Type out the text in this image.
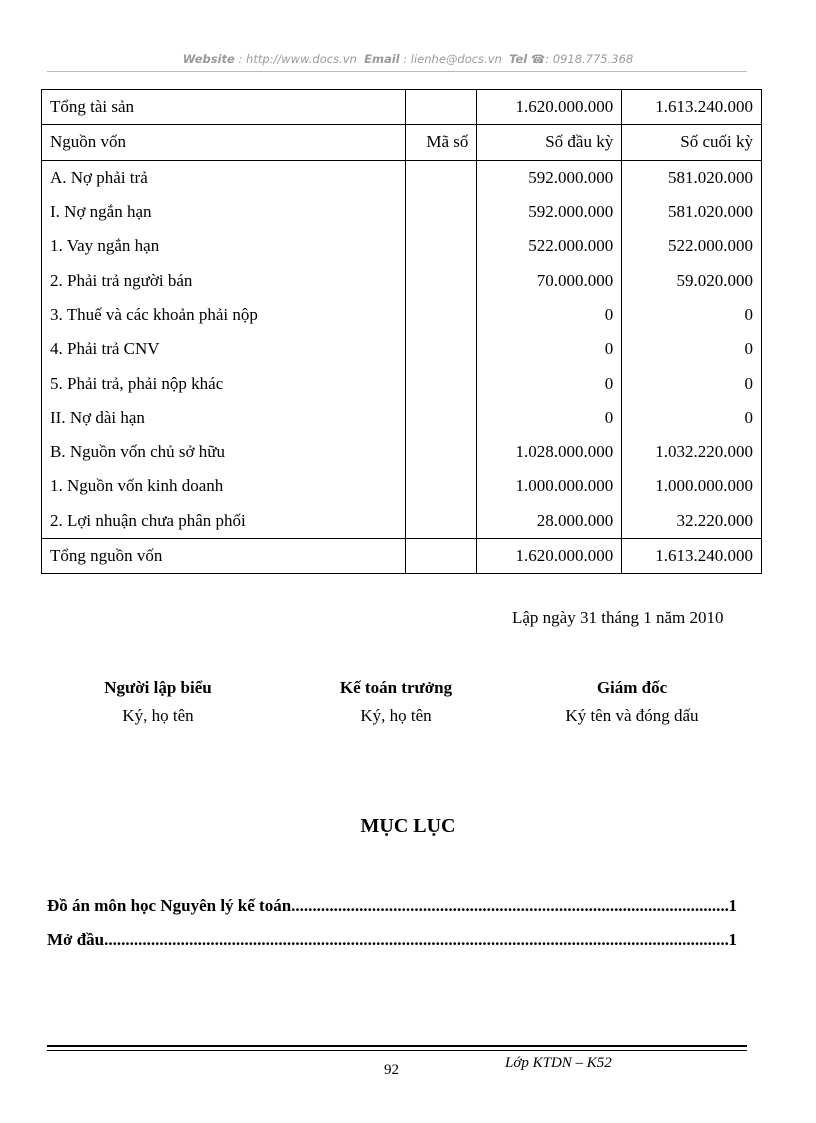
Website : http://www.docs.vn Email : lienhe@docs.vn Tel ☎: 0918.775.368
Tổng tài sản		1.620.000.000	1.613.240.000
Nguồn vốn	Mã số	Số đầu kỳ	Số cuối kỳ
A. Nợ phải trả		592.000.000	581.020.000
I. Nợ ngắn hạn		592.000.000	581.020.000
1. Vay ngắn hạn		522.000.000	522.000.000
2. Phải trả người bán		70.000.000	59.020.000
3. Thuế và các khoản phải nộp		0	0
4. Phải trả CNV		0	0
5. Phải trả, phải nộp khác		0	0
II. Nợ dài hạn		0	0
B. Nguồn vốn chủ sở hữu		1.028.000.000	1.032.220.000
1. Nguồn vốn kinh doanh		1.000.000.000	1.000.000.000
2. Lợi nhuận chưa phân phối		28.000.000	32.220.000
Tổng nguồn vốn		1.620.000.000	1.613.240.000
Lập ngày 31 tháng 1 năm 2010
Người lập biểu
Ký, họ tên
Kế toán trưởng
Ký, họ tên
Giám đốc
Ký tên và đóng dấu
MỤC LỤC
Đồ án môn học Nguyên lý kế toán .....	1
Mở đầu .....	1
92	Lớp KTDN – K52
